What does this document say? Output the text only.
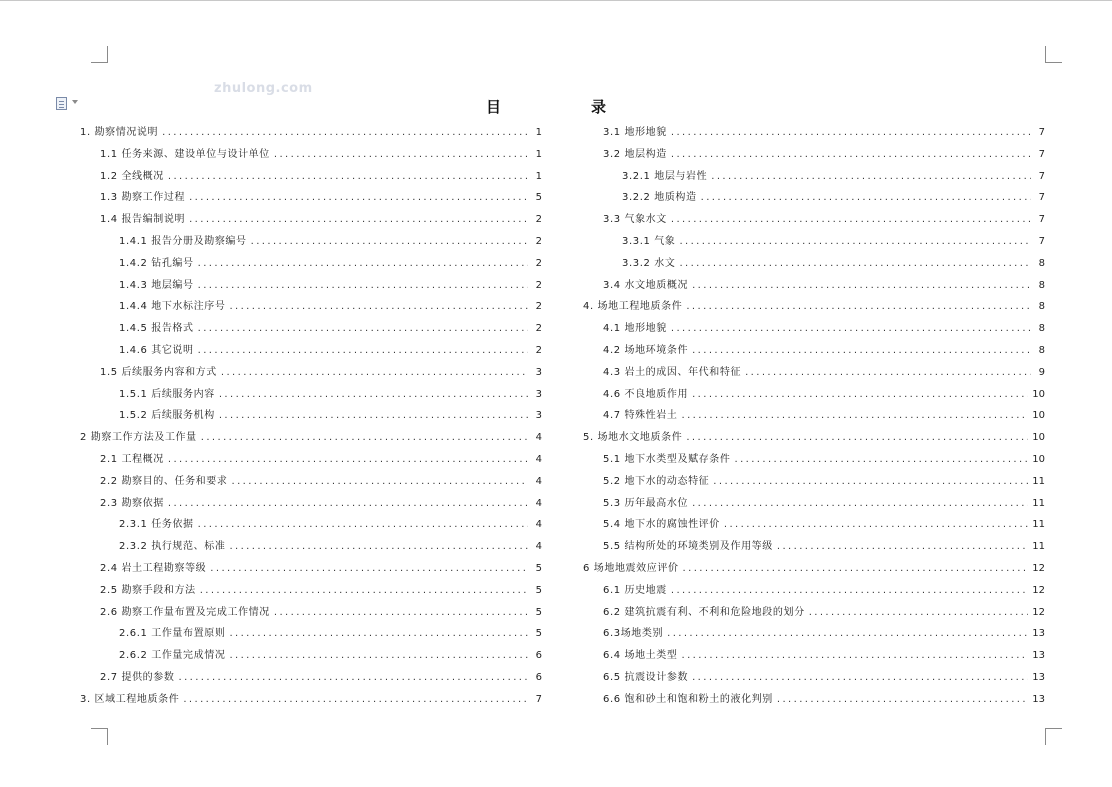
zhulong.com
目　　录
1. 勘察情况说明 .....	1
1.1 任务来源、建设单位与设计单位 .....	1
1.2 全线概况 .....	1
1.3 勘察工作过程 .....	5
1.4 报告编制说明 .....	2
1.4.1 报告分册及勘察编号 .....	2
1.4.2 钻孔编号 .....	2
1.4.3 地层编号 .....	2
1.4.4 地下水标注序号 .....	2
1.4.5 报告格式 .....	2
1.4.6 其它说明 .....	2
1.5 后续服务内容和方式 .....	3
1.5.1 后续服务内容 .....	3
1.5.2 后续服务机构 .....	3
2 勘察工作方法及工作量 .....	4
2.1 工程概况 .....	4
2.2 勘察目的、任务和要求 .....	4
2.3 勘察依据 .....	4
2.3.1 任务依据 .....	4
2.3.2 执行规范、标准 .....	4
2.4 岩土工程勘察等级 .....	5
2.5 勘察手段和方法 .....	5
2.6 勘察工作量布置及完成工作情况 .....	5
2.6.1 工作量布置原则 .....	5
2.6.2 工作量完成情况 .....	6
2.7 提供的参数 .....	6
3. 区域工程地质条件 .....	7
3.1 地形地貌 .....	7
3.2 地层构造 .....	7
3.2.1 地层与岩性 .....	7
3.2.2 地质构造 .....	7
3.3 气象水文 .....	7
3.3.1 气象 .....	7
3.3.2 水文 .....	8
3.4 水文地质概况 .....	8
4. 场地工程地质条件 .....	8
4.1 地形地貌 .....	8
4.2 场地环境条件 .....	8
4.3 岩土的成因、年代和特征 .....	9
4.6 不良地质作用 .....	10
4.7 特殊性岩土 .....	10
5. 场地水文地质条件 .....	10
5.1 地下水类型及赋存条件 .....	10
5.2 地下水的动态特征 .....	11
5.3 历年最高水位 .....	11
5.4 地下水的腐蚀性评价 .....	11
5.5 结构所处的环境类别及作用等级 .....	11
6 场地地震效应评价 .....	12
6.1 历史地震 .....	12
6.2 建筑抗震有利、不利和危险地段的划分 .....	12
6.3场地类别 .....	13
6.4 场地土类型 .....	13
6.5 抗震设计参数 .....	13
6.6 饱和砂土和饱和粉土的液化判别 .....	13
